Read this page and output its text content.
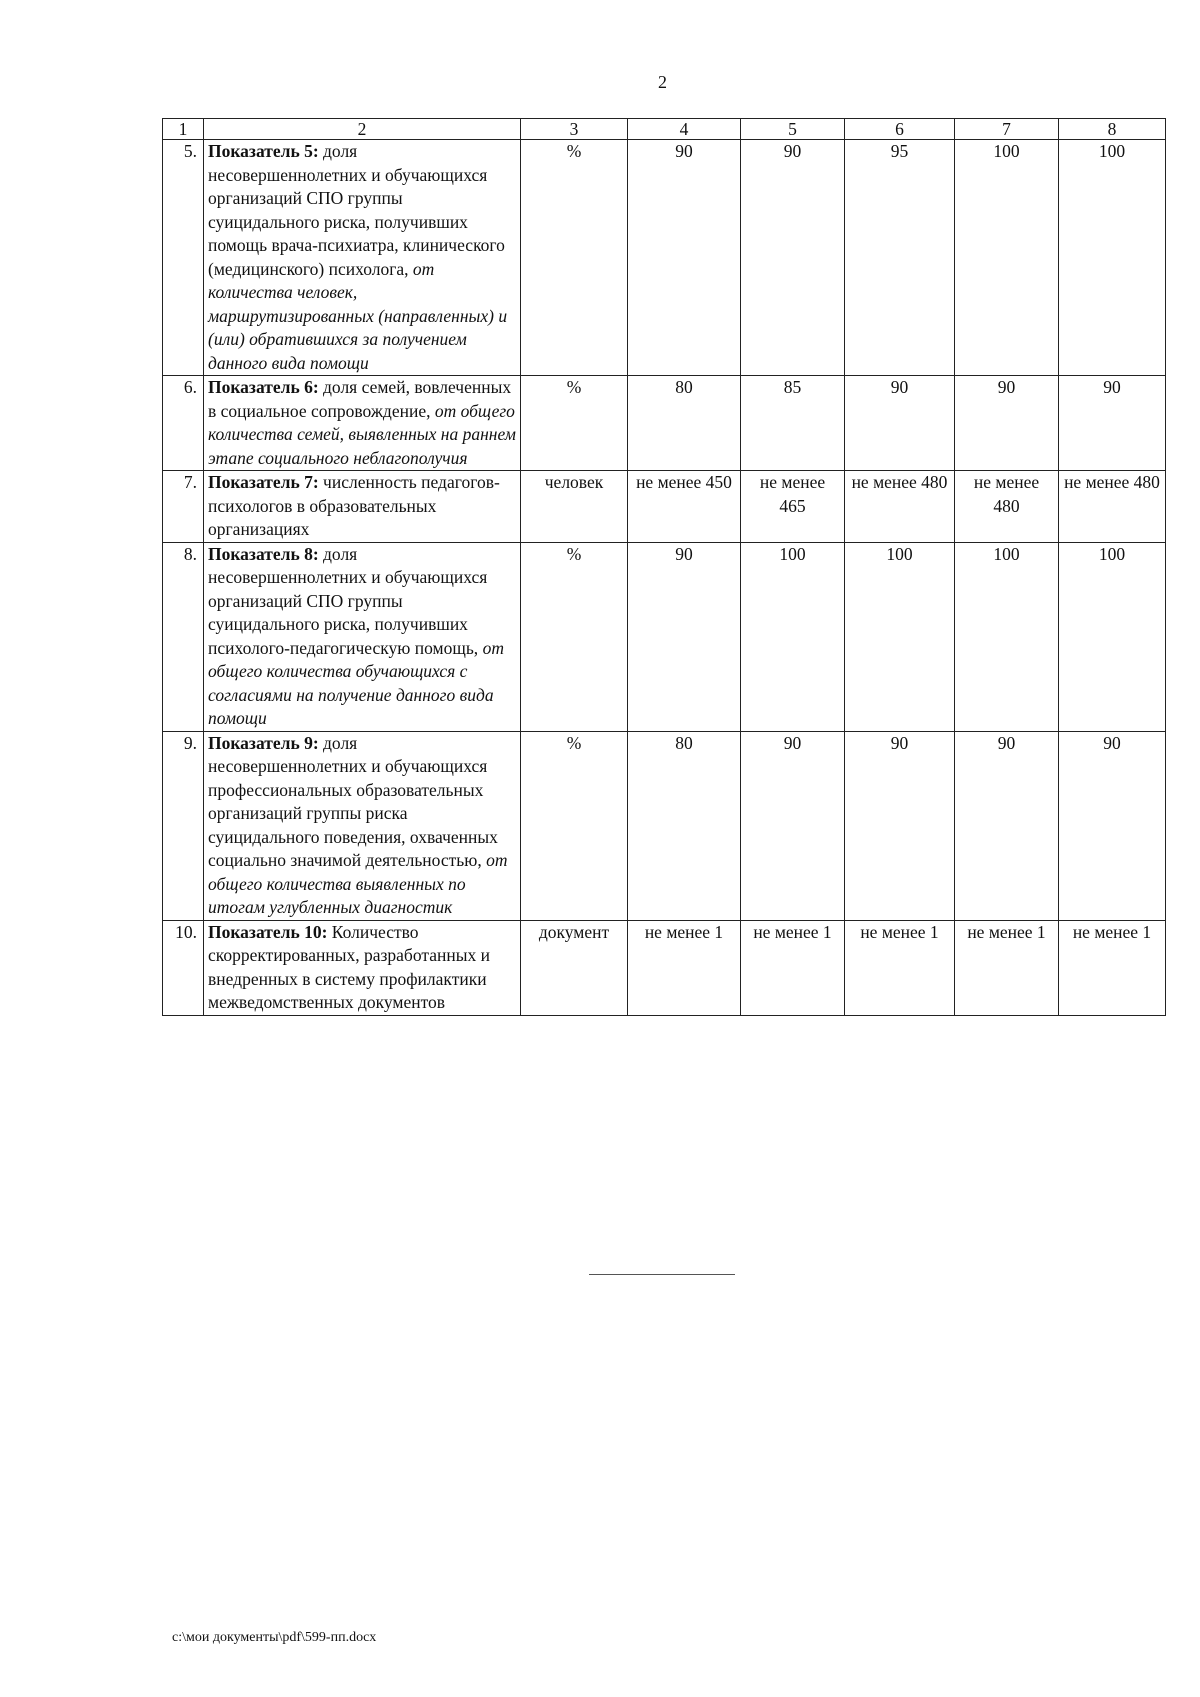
2
1	2	3	4	5	6	7	8
5.	Показатель 5: доля несовершеннолетних и обучающихся организаций СПО группы суицидального риска, получивших помощь врача-психиатра, клинического (медицинского) психолога, от количества человек, маршрутизированных (направленных) и (или) обратившихся за получением данного вида помощи	%	90	90	95	100	100
6.	Показатель 6: доля семей, вовлеченных в социальное сопровождение, от общего количества семей, выявленных на раннем этапе социального неблагополучия	%	80	85	90	90	90
7.	Показатель 7: численность педагогов-психологов в образовательных организациях	человек	не менее 450	не менее 465	не менее 480	не менее 480	не менее 480
8.	Показатель 8: доля несовершеннолетних и обучающихся организаций СПО группы суицидального риска, получивших психолого-педагогическую помощь, от общего количества обучающихся с согласиями на получение данного вида помощи	%	90	100	100	100	100
9.	Показатель 9: доля несовершеннолетних и обучающихся профессиональных образовательных организаций группы риска суицидального поведения, охваченных социально значимой деятельностью, от общего количества выявленных по итогам углубленных диагностик	%	80	90	90	90	90
10.	Показатель 10: Количество скорректированных, разработанных и внедренных в систему профилактики межведомственных документов	документ	не менее 1	не менее 1	не менее 1	не менее 1	не менее 1
c:\мои документы\pdf\599-пп.docx
